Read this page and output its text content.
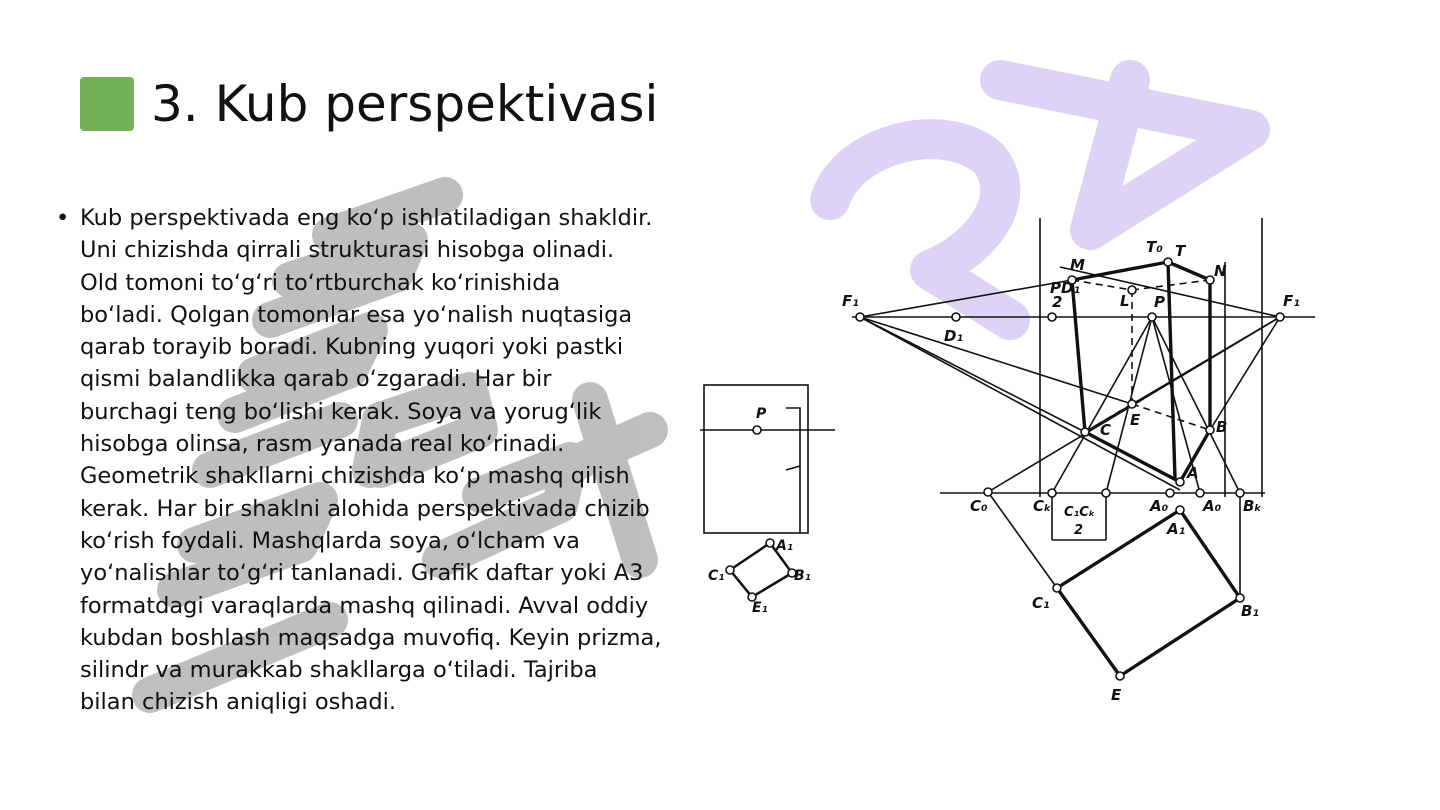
3. Kub perspektivasi
• Kub perspektivada eng ko‘p ishlatiladigan shakldir.
Uni chizishda qirrali strukturasi hisobga olinadi.
Old tomoni to‘g‘ri to‘rtburchak ko‘rinishida
bo‘ladi. Qolgan tomonlar esa yo‘nalish nuqtasiga
qarab torayib boradi. Kubning yuqori yoki pastki
qismi balandlikka qarab o‘zgaradi. Har bir
burchagi teng bo‘lishi kerak. Soya va yorug‘lik
hisobga olinsa, rasm yanada real ko‘rinadi.
Geometrik shakllarni chizishda ko‘p mashq qilish
kerak. Har bir shaklni alohida perspektivada chizib
ko‘rish foydali. Mashqlarda soya, o‘lcham va
yo‘nalishlar to‘g‘ri tanlanadi. Grafik daftar yoki A3
formatdagi varaqlarda mashq qilinadi. Avval oddiy
kubdan boshlash maqsadga muvofiq. Keyin prizma,
silindr va murakkab shakllarga o‘tiladi. Tajriba
bilan chizish aniqligi oshadi.
F₁	F₁
PD₁
2
D₁
M
T₀ T
N
L P
E
C	B
A
C₀	Cₖ C₁Cₖ
2
A₀ A₀ Bₖ
A₁
C₁	B₁
E
P
A₁
B₁
C₁
E₁
